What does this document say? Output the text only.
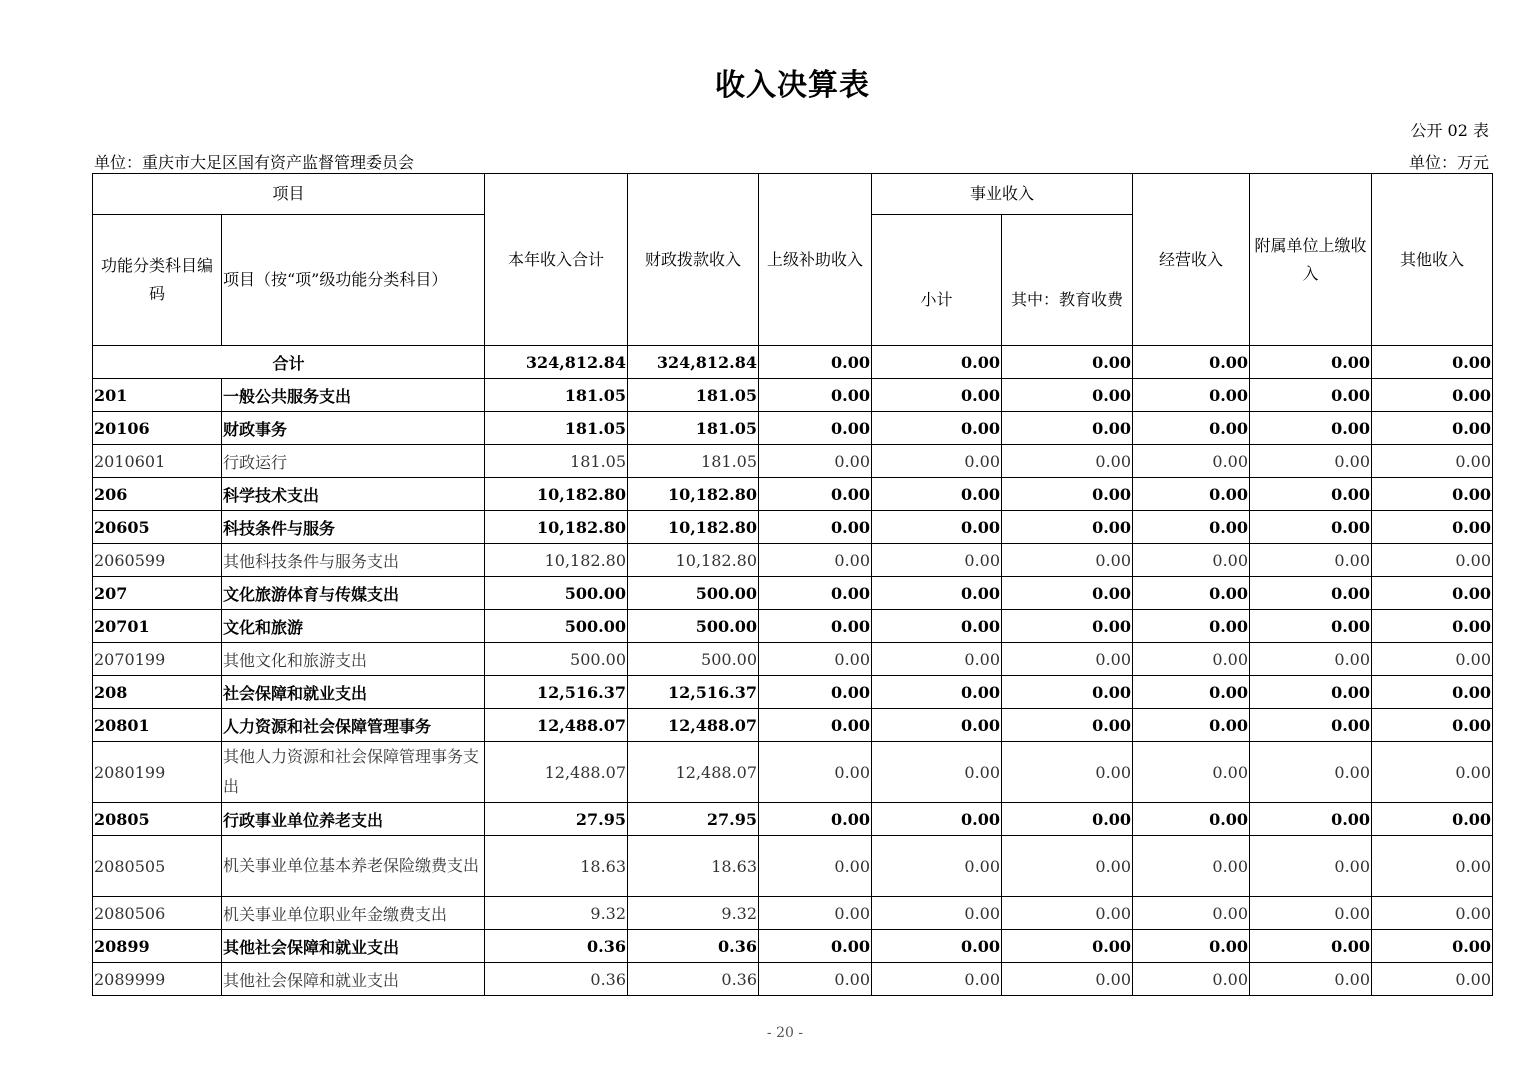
收入决算表
公开 02 表
单位：重庆市大足区国有资产监督管理委员会	单位：万元
项目		本年收入合计	财政拨款收入	上级补助收入	事业收入		经营收入	附属单位上缴收入	其他收入
功能分类科目编码	项目（按“项”级功能分类科目）				小计	其中：教育收费			
合计		324,812.84	324,812.84	0.00	0.00	0.00	0.00	0.00	0.00
201	一般公共服务支出	181.05	181.05	0.00	0.00	0.00	0.00	0.00	0.00
20106	财政事务	181.05	181.05	0.00	0.00	0.00	0.00	0.00	0.00
2010601	行政运行	181.05	181.05	0.00	0.00	0.00	0.00	0.00	0.00
206	科学技术支出	10,182.80	10,182.80	0.00	0.00	0.00	0.00	0.00	0.00
20605	科技条件与服务	10,182.80	10,182.80	0.00	0.00	0.00	0.00	0.00	0.00
2060599	其他科技条件与服务支出	10,182.80	10,182.80	0.00	0.00	0.00	0.00	0.00	0.00
207	文化旅游体育与传媒支出	500.00	500.00	0.00	0.00	0.00	0.00	0.00	0.00
20701	文化和旅游	500.00	500.00	0.00	0.00	0.00	0.00	0.00	0.00
2070199	其他文化和旅游支出	500.00	500.00	0.00	0.00	0.00	0.00	0.00	0.00
208	社会保障和就业支出	12,516.37	12,516.37	0.00	0.00	0.00	0.00	0.00	0.00
20801	人力资源和社会保障管理事务	12,488.07	12,488.07	0.00	0.00	0.00	0.00	0.00	0.00
2080199	其他人力资源和社会保障管理事务支出	12,488.07	12,488.07	0.00	0.00	0.00	0.00	0.00	0.00
20805	行政事业单位养老支出	27.95	27.95	0.00	0.00	0.00	0.00	0.00	0.00
2080505	机关事业单位基本养老保险缴费支出	18.63	18.63	0.00	0.00	0.00	0.00	0.00	0.00
2080506	机关事业单位职业年金缴费支出	9.32	9.32	0.00	0.00	0.00	0.00	0.00	0.00
20899	其他社会保障和就业支出	0.36	0.36	0.00	0.00	0.00	0.00	0.00	0.00
2089999	其他社会保障和就业支出	0.36	0.36	0.00	0.00	0.00	0.00	0.00	0.00
- 20 -
